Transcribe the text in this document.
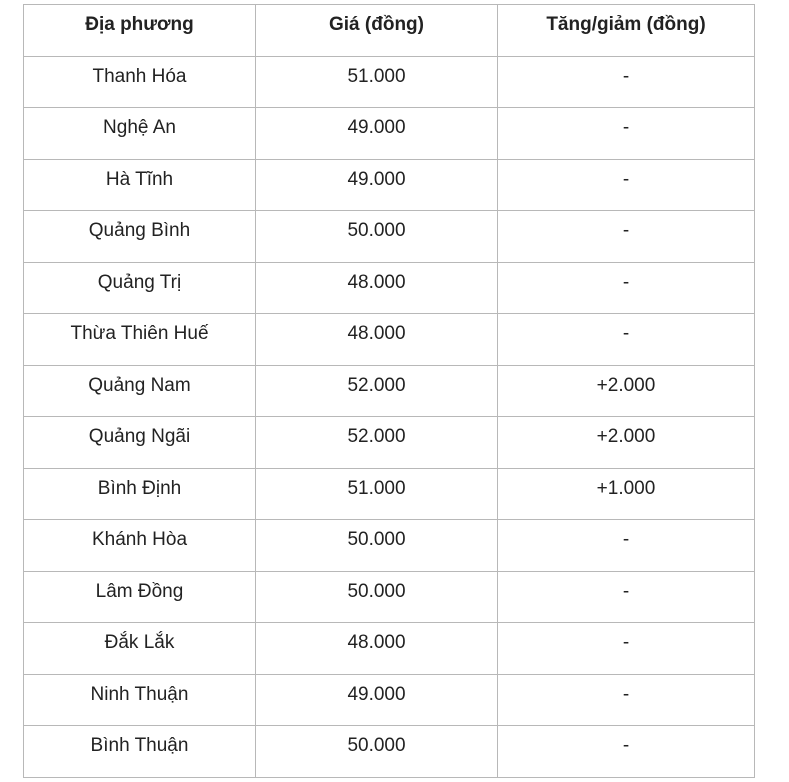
Địa phương	Giá (đồng)	Tăng/giảm (đồng)
Thanh Hóa	51.000	-
Nghệ An	49.000	-
Hà Tĩnh	49.000	-
Quảng Bình	50.000	-
Quảng Trị	48.000	-
Thừa Thiên Huế	48.000	-
Quảng Nam	52.000	+2.000
Quảng Ngãi	52.000	+2.000
Bình Định	51.000	+1.000
Khánh Hòa	50.000	-
Lâm Đồng	50.000	-
Đắk Lắk	48.000	-
Ninh Thuận	49.000	-
Bình Thuận	50.000	-
